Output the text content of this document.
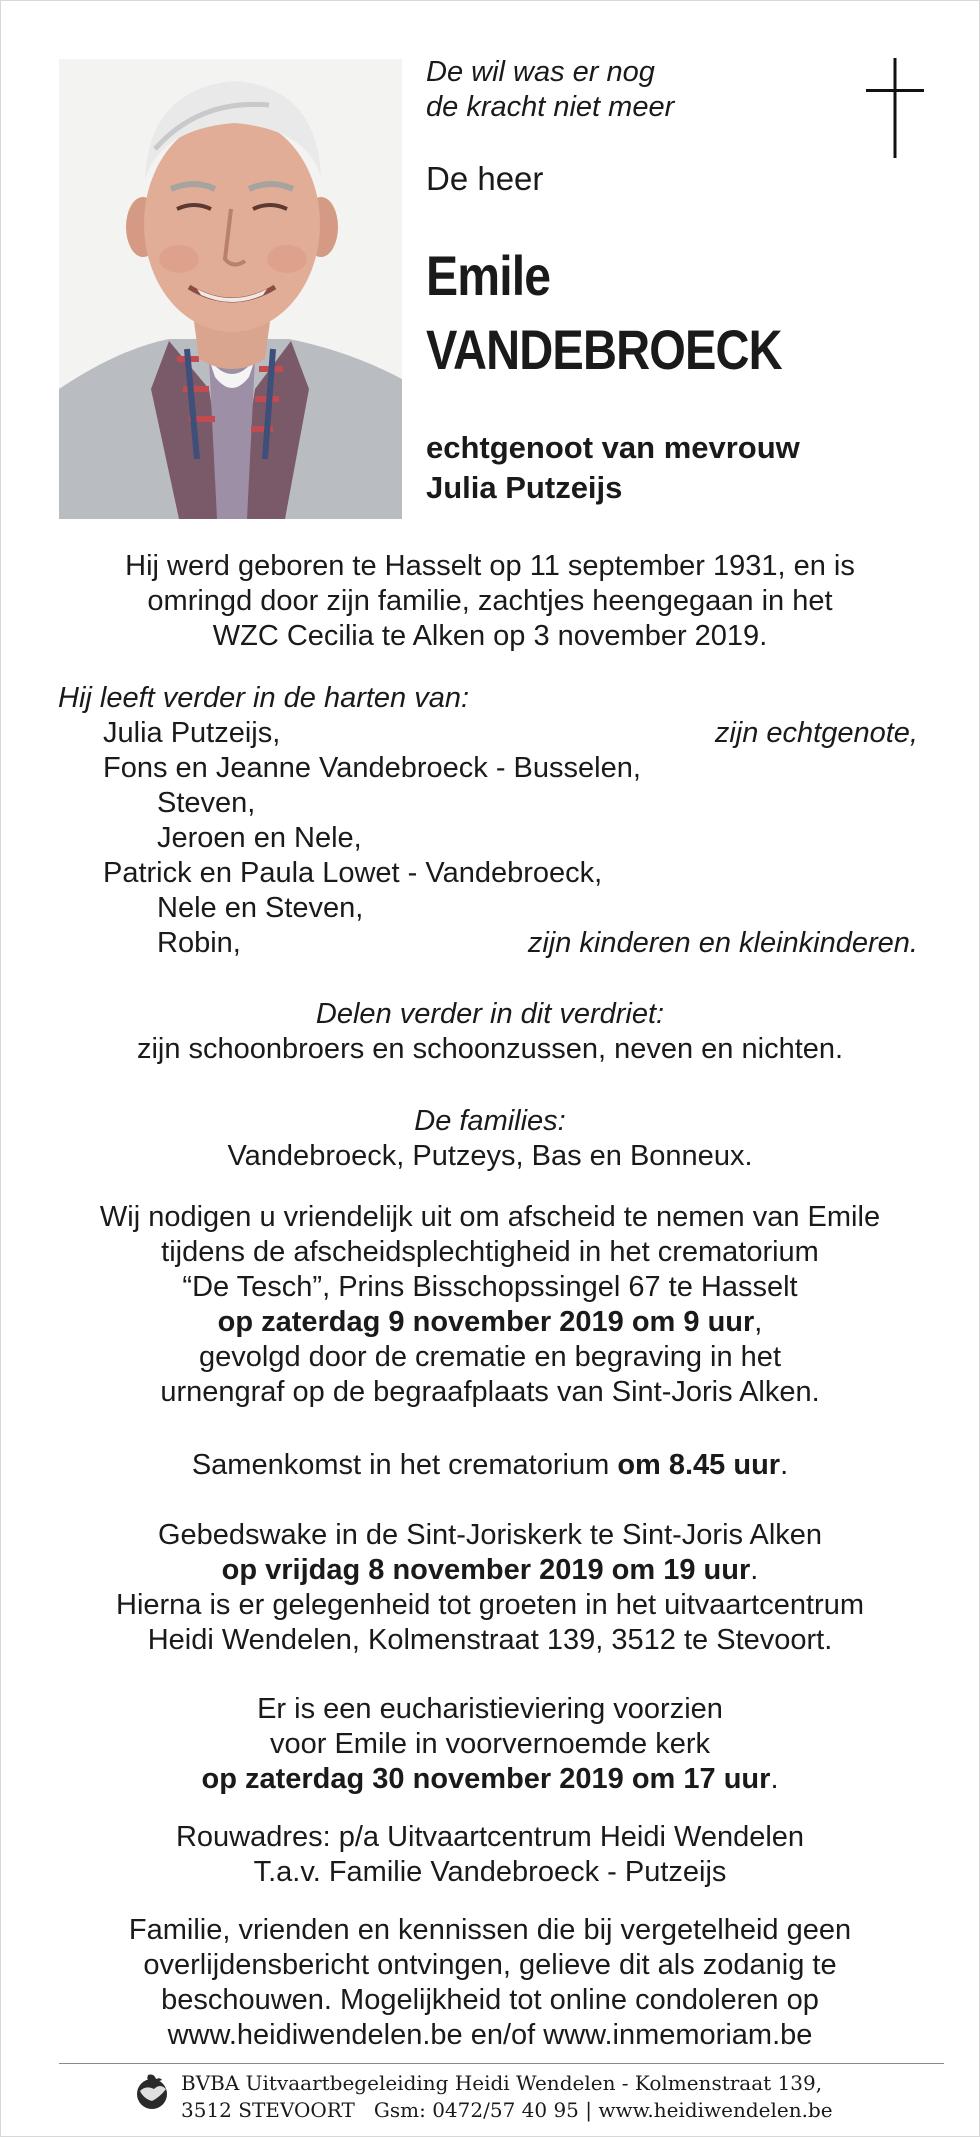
De wil was er nog
de kracht niet meer
De heer
Emile
VANDEBROECK
echtgenoot van mevrouw
Julia Putzeijs
Hij werd geboren te Hasselt op 11 september 1931, en is
omringd door zijn familie, zachtjes heengegaan in het
WZC Cecilia te Alken op 3 november 2019.
Hij leeft verder in de harten van:
Julia Putzeijs,	zijn echtgenote,
Fons en Jeanne Vandebroeck - Busselen,
Steven,
Jeroen en Nele,
Patrick en Paula Lowet - Vandebroeck,
Nele en Steven,
Robin,	zijn kinderen en kleinkinderen.
Delen verder in dit verdriet:
zijn schoonbroers en schoonzussen, neven en nichten.
De families:
Vandebroeck, Putzeys, Bas en Bonneux.
Wij nodigen u vriendelijk uit om afscheid te nemen van Emile
tijdens de afscheidsplechtigheid in het crematorium
“De Tesch”, Prins Bisschopssingel 67 te Hasselt
op zaterdag 9 november 2019 om 9 uur,
gevolgd door de crematie en begraving in het
urnengraf op de begraafplaats van Sint-Joris Alken.
Samenkomst in het crematorium om 8.45 uur.
Gebedswake in de Sint-Joriskerk te Sint-Joris Alken
op vrijdag 8 november 2019 om 19 uur.
Hierna is er gelegenheid tot groeten in het uitvaartcentrum
Heidi Wendelen, Kolmenstraat 139, 3512 te Stevoort.
Er is een eucharistieviering voorzien
voor Emile in voorvernoemde kerk
op zaterdag 30 november 2019 om 17 uur.
Rouwadres: p/a Uitvaartcentrum Heidi Wendelen
T.a.v. Familie Vandebroeck - Putzeijs
Familie, vrienden en kennissen die bij vergetelheid geen
overlijdensbericht ontvingen, gelieve dit als zodanig te
beschouwen. Mogelijkheid tot online condoleren op
www.heidiwendelen.be en/of www.inmemoriam.be
BVBA Uitvaartbegeleiding Heidi Wendelen - Kolmenstraat 139,
3512 STEVOORT   Gsm: 0472/57 40 95 | www.heidiwendelen.be
